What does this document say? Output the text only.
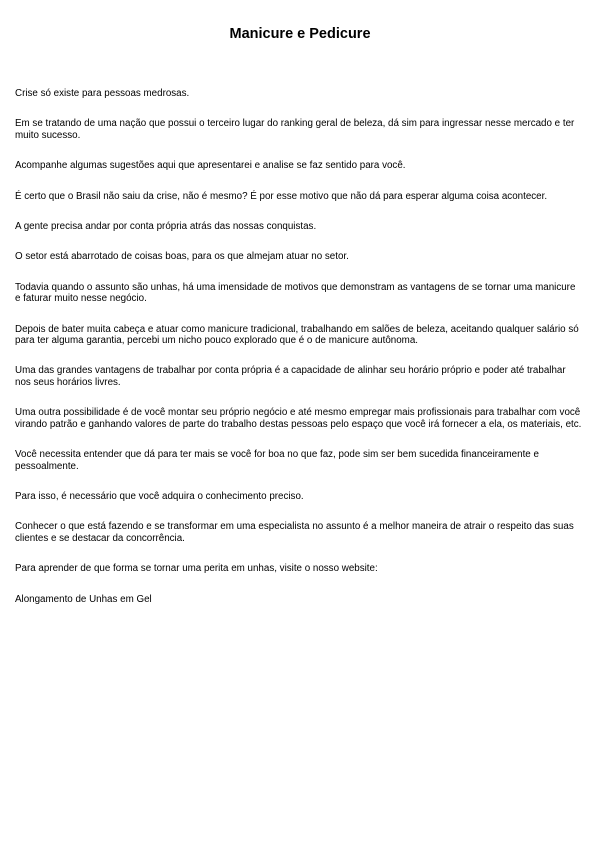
Manicure e Pedicure

Crise só existe para pessoas medrosas.

Em se tratando de uma nação que possui o terceiro lugar do ranking geral de beleza, dá sim para ingressar nesse mercado e ter muito sucesso.

Acompanhe algumas sugestões aqui que apresentarei e analise se faz sentido para você.

É certo que o Brasil não saiu da crise, não é mesmo? É por esse motivo que não dá para esperar alguma coisa acontecer.

A gente precisa andar por conta própria atrás das nossas conquistas.

O setor está abarrotado de coisas boas, para os que almejam atuar no setor.

Todavia quando o assunto são unhas, há uma imensidade de motivos que demonstram as vantagens de se tornar uma manicure e faturar muito nesse negócio.

Depois de bater muita cabeça e atuar como manicure tradicional, trabalhando em salões de beleza, aceitando qualquer salário só para ter alguma garantia, percebi um nicho pouco explorado que é o de manicure autônoma.

Uma das grandes vantagens de trabalhar por conta própria é a capacidade de alinhar seu horário próprio e poder até trabalhar nos seus horários livres.

Uma outra possibilidade é de você montar seu próprio negócio e até mesmo empregar mais profissionais para trabalhar com você virando patrão e ganhando valores de parte do trabalho destas pessoas pelo espaço que você irá fornecer a ela, os materiais, etc.

Você necessita entender que dá para ter mais se você for boa no que faz, pode sim ser bem sucedida financeiramente e pessoalmente.

Para isso, é necessário que você adquira o conhecimento preciso.

Conhecer o que está fazendo e se transformar em uma especialista no assunto é a melhor maneira de atrair o respeito das suas clientes e se destacar da concorrência.

Para aprender de que forma se tornar uma perita em unhas, visite o nosso website:

Alongamento de Unhas em Gel
